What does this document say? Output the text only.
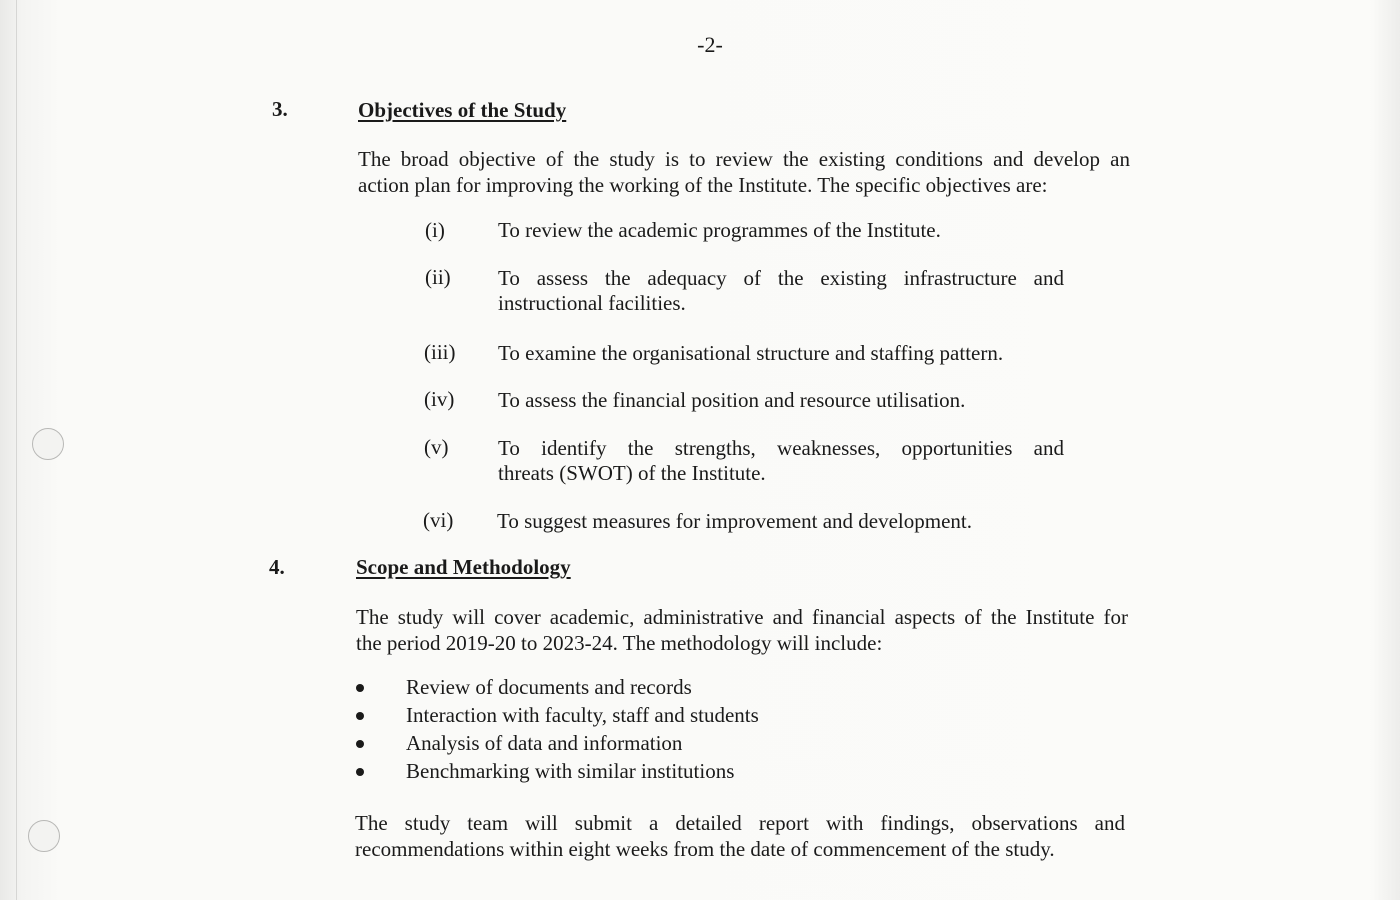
-2-
3.	Objectives of the Study
The broad objective of the study is to review the existing conditions and develop an
action plan for improving the working of the Institute. The specific objectives are:
(i)	To review the academic programmes of the Institute.
(ii) To assess the adequacy of the existing infrastructure and
instructional facilities.
(iii) To examine the organisational structure and staffing pattern.
(iv) To assess the financial position and resource utilisation.
(v) To identify the strengths, weaknesses, opportunities and
threats (SWOT) of the Institute.
(vi) To suggest measures for improvement and development.
4.	Scope and Methodology
The study will cover academic, administrative and financial aspects of the Institute for
the period 2019-20 to 2023-24. The methodology will include:
Review of documents and records
Interaction with faculty, staff and students
Analysis of data and information
Benchmarking with similar institutions
The study team will submit a detailed report with findings, observations and
recommendations within eight weeks from the date of commencement of the study.
